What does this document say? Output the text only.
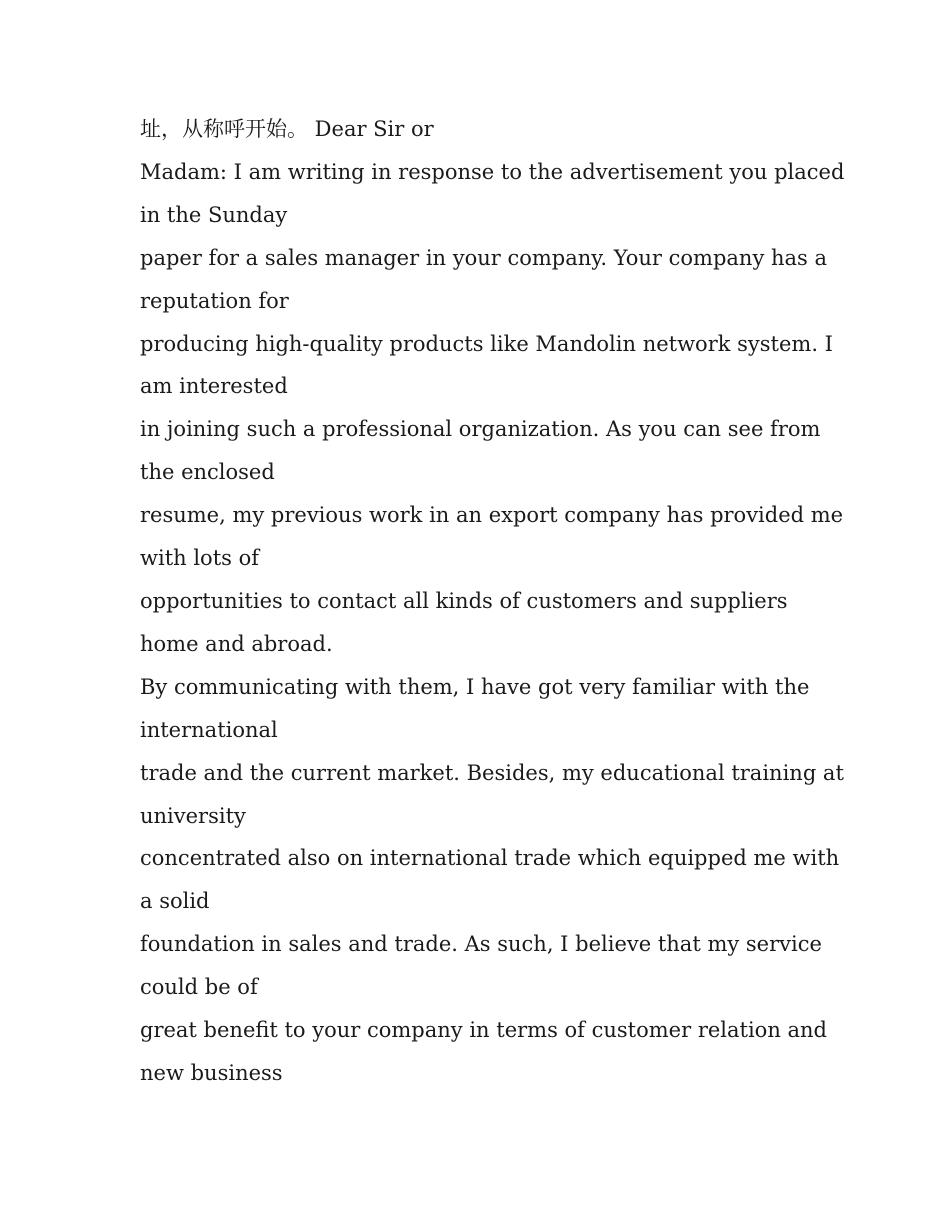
址，从称呼开始。 Dear Sir or
Madam: I am writing in response to the advertisement you placed
in the Sunday
paper for a sales manager in your company. Your company has a
reputation for
producing high-quality products like Mandolin network system. I
am interested
in joining such a professional organization. As you can see from
the enclosed
resume, my previous work in an export company has provided me
with lots of
opportunities to contact all kinds of customers and suppliers
home and abroad.
By communicating with them, I have got very familiar with the
international
trade and the current market. Besides, my educational training at
university
concentrated also on international trade which equipped me with
a solid
foundation in sales and trade. As such, I believe that my service
could be of
great benefit to your company in terms of customer relation and
new business
